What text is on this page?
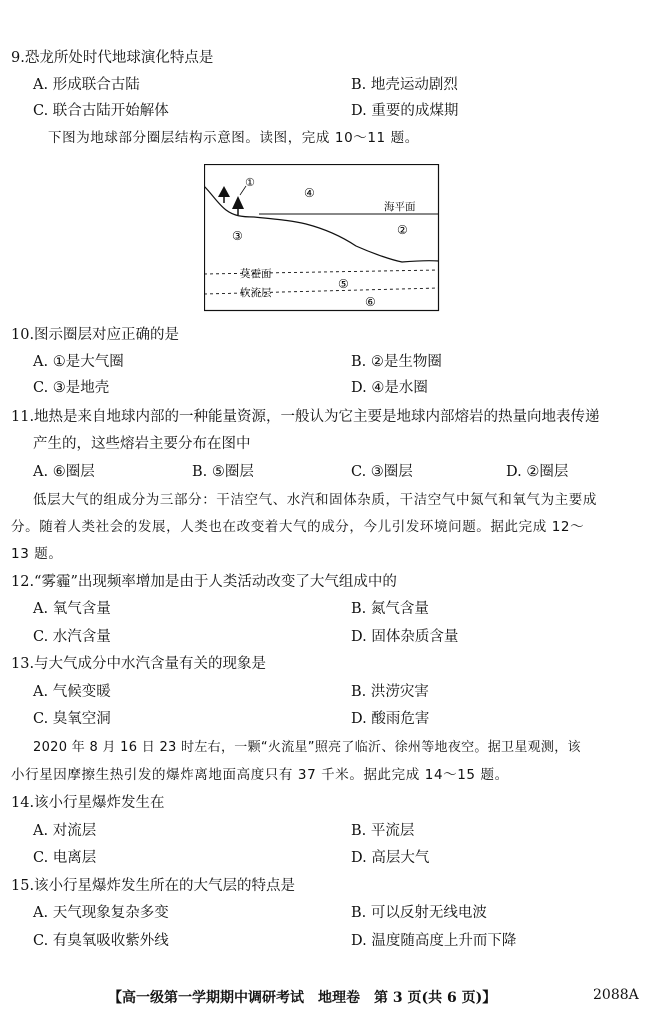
9.恐龙所处时代地球演化特点是
A. 形成联合古陆	B. 地壳运动剧烈
C. 联合古陆开始解体	D. 重要的成煤期
下图为地球部分圈层结构示意图。读图，完成 10～11 题。
①
④
海平面
③	②
莫霍面
⑤
软流层
⑥
10.图示圈层对应正确的是
A. ①是大气圈	B. ②是生物圈
C. ③是地壳	D. ④是水圈
11.地热是来自地球内部的一种能量资源，一般认为它主要是地球内部熔岩的热量向地表传递
产生的，这些熔岩主要分布在图中
A. ⑥圈层	B. ⑤圈层	C. ③圈层	D. ②圈层
低层大气的组成分为三部分：干洁空气、水汽和固体杂质，干洁空气中氮气和氧气为主要成
分。随着人类社会的发展，人类也在改变着大气的成分，今儿引发环境问题。据此完成 12～
13 题。
12.“雾霾”出现频率增加是由于人类活动改变了大气组成中的
A. 氧气含量	B. 氮气含量
C. 水汽含量	D. 固体杂质含量
13.与大气成分中水汽含量有关的现象是
A. 气候变暖	B. 洪涝灾害
C. 臭氧空洞	D. 酸雨危害
2020 年 8 月 16 日 23 时左右，一颗“火流星”照亮了临沂、徐州等地夜空。据卫星观测，该
小行星因摩擦生热引发的爆炸离地面高度只有 37 千米。据此完成 14～15 题。
14.该小行星爆炸发生在
A. 对流层	B. 平流层
C. 电离层	D. 高层大气
15.该小行星爆炸发生所在的大气层的特点是
A. 天气现象复杂多变	B. 可以反射无线电波
C. 有臭氧吸收紫外线	D. 温度随高度上升而下降
【高一级第一学期期中调研考试　地理卷　第 3 页(共 6 页)】	2088A
